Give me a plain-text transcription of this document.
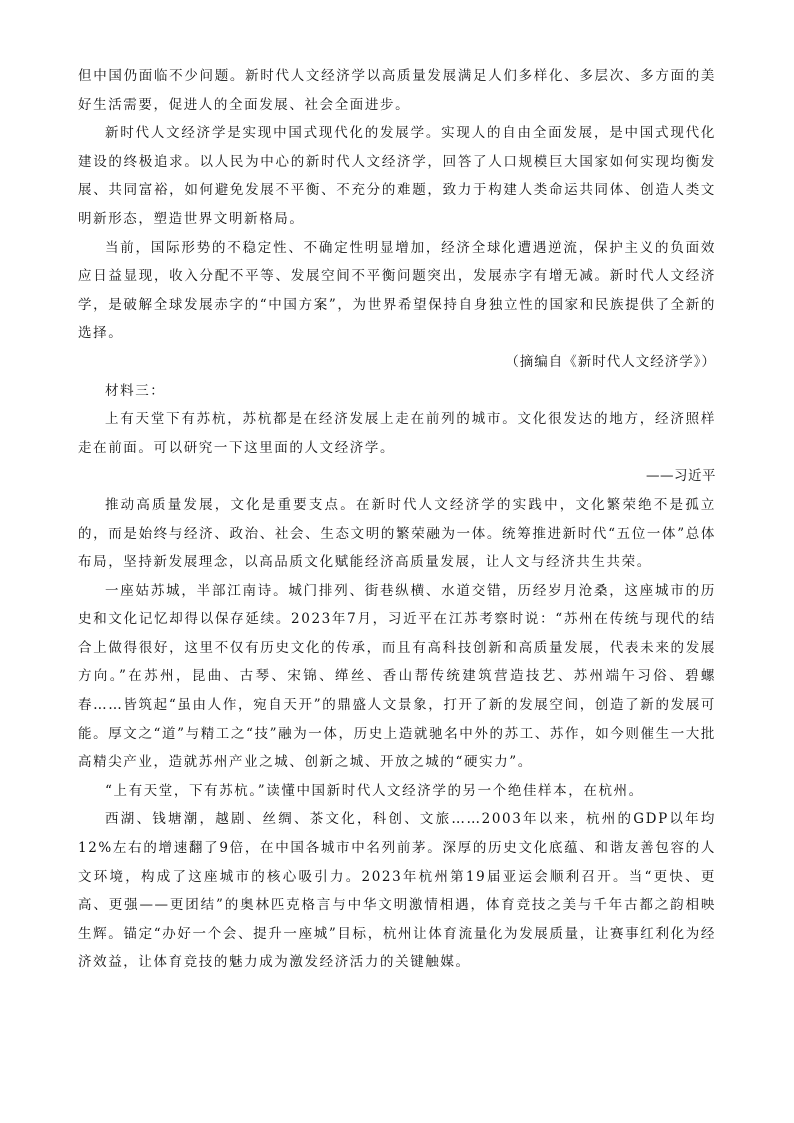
但中国仍面临不少问题。新时代人文经济学以高质量发展满足人们多样化、多层次、多方面的美好生活需要，促进人的全面发展、社会全面进步。

新时代人文经济学是实现中国式现代化的发展学。实现人的自由全面发展，是中国式现代化建设的终极追求。以人民为中心的新时代人文经济学，回答了人口规模巨大国家如何实现均衡发展、共同富裕，如何避免发展不平衡、不充分的难题，致力于构建人类命运共同体、创造人类文明新形态，塑造世界文明新格局。

当前，国际形势的不稳定性、不确定性明显增加，经济全球化遭遇逆流，保护主义的负面效应日益显现，收入分配不平等、发展空间不平衡问题突出，发展赤字有增无减。新时代人文经济学，是破解全球发展赤字的“中国方案”，为世界希望保持自身独立性的国家和民族提供了全新的选择。

（摘编自《新时代人文经济学》）

材料三：

上有天堂下有苏杭，苏杭都是在经济发展上走在前列的城市。文化很发达的地方，经济照样走在前面。可以研究一下这里面的人文经济学。

——习近平

推动高质量发展，文化是重要支点。在新时代人文经济学的实践中，文化繁荣绝不是孤立的，而是始终与经济、政治、社会、生态文明的繁荣融为一体。统筹推进新时代“五位一体”总体布局，坚持新发展理念，以高品质文化赋能经济高质量发展，让人文与经济共生共荣。

一座姑苏城，半部江南诗。城门排列、街巷纵横、水道交错，历经岁月沧桑，这座城市的历史和文化记忆却得以保存延续。2023年7月，习近平在江苏考察时说：“苏州在传统与现代的结合上做得很好，这里不仅有历史文化的传承，而且有高科技创新和高质量发展，代表未来的发展方向。”在苏州，昆曲、古琴、宋锦、缂丝、香山帮传统建筑营造技艺、苏州端午习俗、碧螺春……皆筑起“虽由人作，宛自天开”的鼎盛人文景象，打开了新的发展空间，创造了新的发展可能。厚文之“道”与精工之“技”融为一体，历史上造就驰名中外的苏工、苏作，如今则催生一大批高精尖产业，造就苏州产业之城、创新之城、开放之城的“硬实力”。

“上有天堂，下有苏杭。”读懂中国新时代人文经济学的另一个绝佳样本，在杭州。

西湖、钱塘潮，越剧、丝绸、茶文化，科创、文旅……2003年以来，杭州的GDP以年均12%左右的增速翻了9倍，在中国各城市中名列前茅。深厚的历史文化底蕴、和谐友善包容的人文环境，构成了这座城市的核心吸引力。2023年杭州第19届亚运会顺利召开。当“更快、更高、更强——更团结”的奥林匹克格言与中华文明激情相遇，体育竞技之美与千年古都之韵相映生辉。锚定“办好一个会、提升一座城”目标，杭州让体育流量化为发展质量，让赛事红利化为经济效益，让体育竞技的魅力成为激发经济活力的关键触媒。
